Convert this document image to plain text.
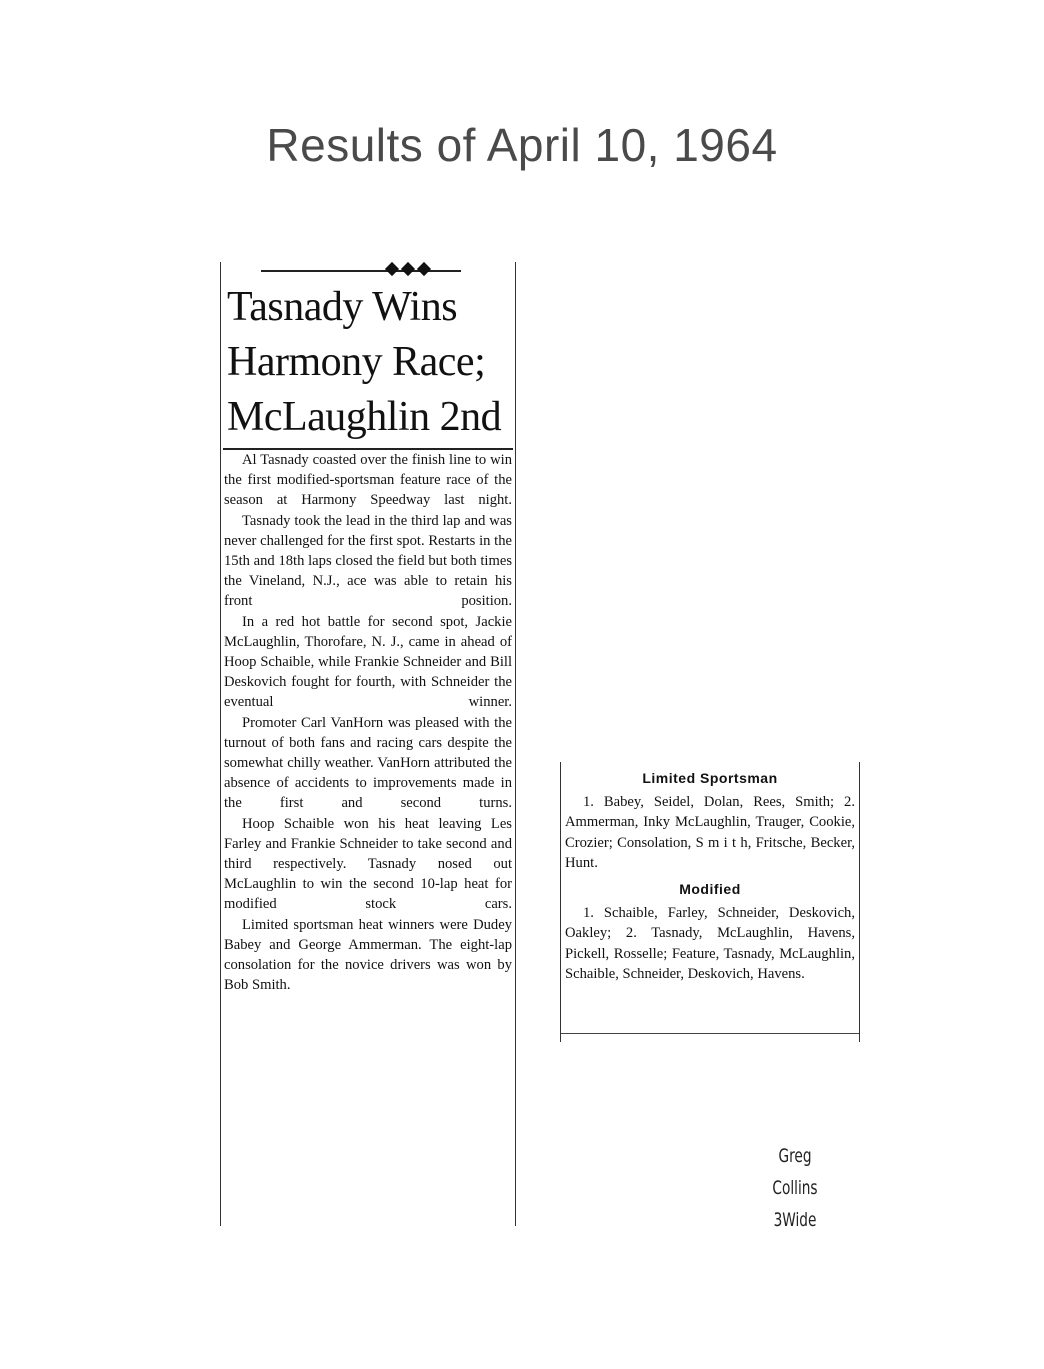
Results of April 10, 1964
Tasnady Wins
Harmony Race;
McLaughlin 2nd

Al Tasnady coasted over the finish line to win the first modified-sportsman feature race of the season at Harmony Speedway last night.

Tasnady took the lead in the third lap and was never challenged for the first spot. Restarts in the 15th and 18th laps closed the field but both times the Vineland, N.J., ace was able to retain his front position.

In a red hot battle for second spot, Jackie McLaughlin, Thorofare, N. J., came in ahead of Hoop Schaible, while Frankie Schneider and Bill Deskovich fought for fourth, with Schneider the eventual winner.

Promoter Carl VanHorn was pleased with the turnout of both fans and racing cars despite the somewhat chilly weather. VanHorn attributed the absence of accidents to improvements made in the first and second turns.

Hoop Schaible won his heat leaving Les Farley and Frankie Schneider to take second and third respectively. Tasnady nosed out McLaughlin to win the second 10-lap heat for modified stock cars.

Limited sportsman heat winners were Dudey Babey and George Ammerman. The eight-lap consolation for the novice drivers was won by Bob Smith.

Limited Sportsman

1. Babey, Seidel, Dolan, Rees, Smith; 2. Ammerman, Inky McLaughlin, Trauger, Cookie, Crozier; Consolation, S m i t h, Fritsche, Becker, Hunt.

Modified

1. Schaible, Farley, Schneider, Deskovich, Oakley; 2. Tasnady, McLaughlin, Havens, Pickell, Rosselle; Feature, Tasnady, McLaughlin, Schaible, Schneider, Deskovich, Havens.

Greg Collins
3Wide
